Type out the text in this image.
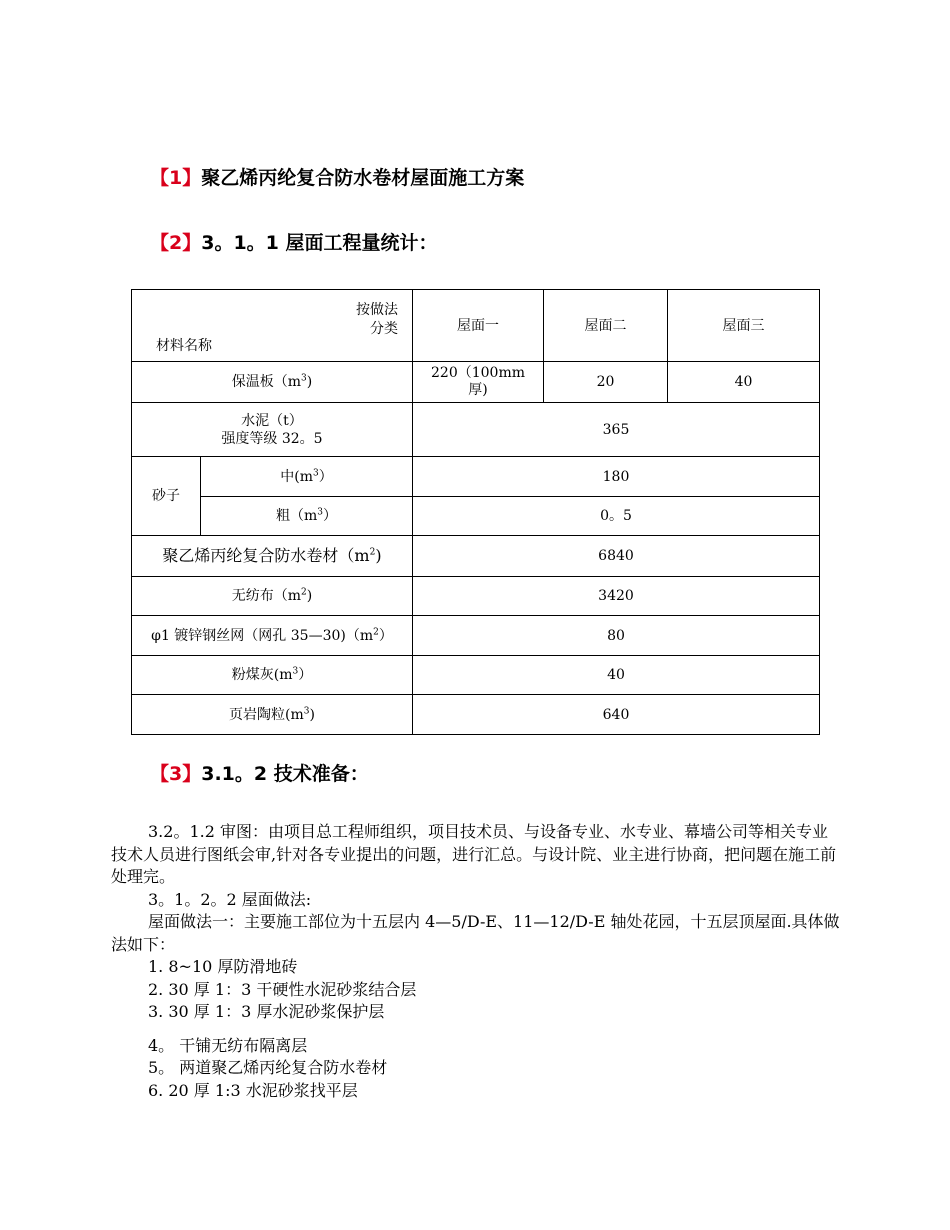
【1】聚乙烯丙纶复合防水卷材屋面施工方案
【2】3。1。1 屋面工程量统计：
按做法
分类
材料名称		屋面一	屋面二	屋面三
保温板$(m^3)$		220（100mm厚)	20	40

水泥（t）
强度等级 32。5		365		
砂子	中$(m^3)$	180		
	粗$(m^3)$	0。5		
聚乙烯丙纶复合防水卷材$(m^2)$		6840		
无纺布$(m^2)$		3420		
φ1 镀锌钢丝网（网孔 $35—30)(m^2)$		80		
粉煤灰$(m^3)$		40		
页岩陶粒$(m^3)$		640		
【3】3.1。2 技术准备：

3.2。1.2 审图：由项目总工程师组织，项目技术员、与设备专业、水专业、幕墙公司等相关专业技术人员进行图纸会审,针对各专业提出的问题，进行汇总。与设计院、业主进行协商，把问题在施工前处理完。

3。1。2。2 屋面做法:

屋面做法一：主要施工部位为十五层内 4—5/D-E、11—12/D-E 轴处花园，十五层顶屋面.具体做法如下：

1. 8~10 厚防滑地砖

2. 30 厚 1：3 干硬性水泥砂浆结合层

3. 30 厚 1：3 厚水泥砂浆保护层

4。 干铺无纺布隔离层

5。 两道聚乙烯丙纶复合防水卷材

6. 20 厚 1:3 水泥砂浆找平层
